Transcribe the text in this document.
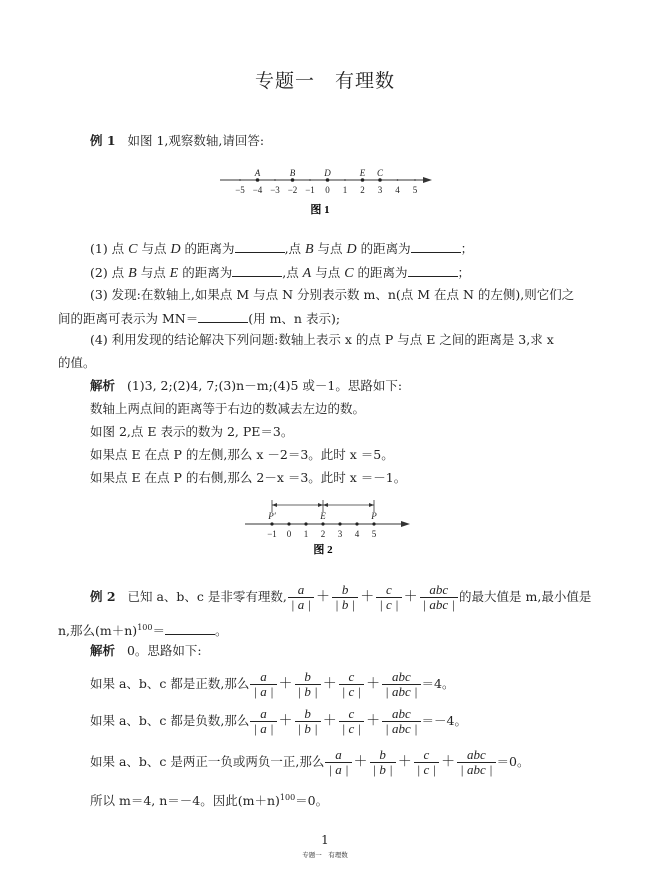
专题一　有理数
例 1 如图 1,观察数轴,请回答:
−5 −4 −3 −2 −1 0 1 2 3 4 5
A	B	D	E C
图 1
(1) 点 C 与点 D 的距离为	,点 B 与点 D 的距离为	；
(2) 点 B 与点 E 的距离为	,点 A 与点 C 的距离为	；
(3) 发现:在数轴上,如果点 M 与点 N 分别表示数 m、n(点 M 在点 N 的左侧),则它们之
间的距离可表示为 MN＝	(用 m、n 表示);
(4) 利用发现的结论解决下列问题:数轴上表示 x 的点 P 与点 E 之间的距离是 3,求 x
的值。
解析 (1)3, 2;(2)4, 7;(3)n－m;(4)5 或－1。思路如下:
数轴上两点间的距离等于右边的数减去左边的数。
如图 2,点 E 表示的数为 2, PE＝3。
如果点 E 在点 P 的左侧,那么 x －2＝3。此时 x ＝5。
如果点 E 在点 P 的右侧,那么 2－x ＝3。此时 x ＝－1。
−1 0 1 2 3 4 5
P′	E	P
图 2
例 2 已知 a、b、c 是非零有理数, $\frac{a}{| a |} + \frac{b}{| b |} + \frac{c}{| c |} + \frac{\text{abc}}{\text{| abc |}}$ 的最大值是 m,最小值是
n,那么$(m+n)^{100}=$	。
解析 0。思路如下:
如果 a、b、c 都是正数,那么 $\frac{a}{| a |} + \frac{b}{| b |} + \frac{c}{| c |} + \frac{\text{abc}}{\text{| abc |}} =4$。
如果 a、b、c 都是负数,那么 $\frac{a}{| a |} + \frac{b}{| b |} + \frac{c}{| c |} + \frac{\text{abc}}{\text{| abc |}} =-4$。
如果 a、b、c 是两正一负或两负一正,那么 $\frac{a}{| a |} + \frac{b}{| b |} + \frac{c}{| c |} + \frac{\text{abc}}{\text{| abc |}} =0$。
所以 m＝4, n＝－4。因此$(m+n)^{100}=0$。
1
专题一　有理数
